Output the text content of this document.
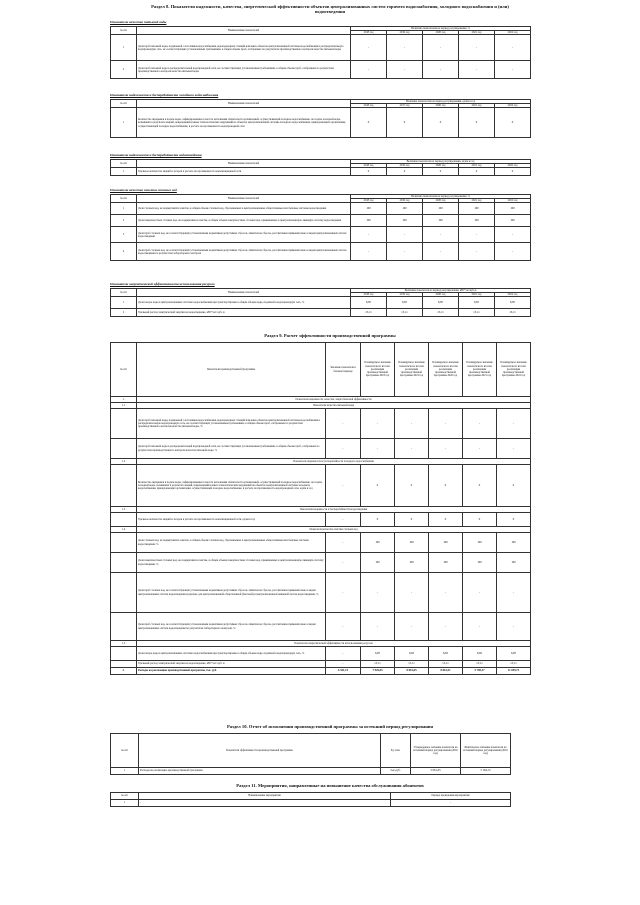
Раздел 8. Показатели надежности, качества, энергетической эффективности объектов централизованных систем горячего водоснабжения, холодного водоснабжения и (или) водоотведения
Показатели качества питьевой воды
№ п/п	Наименование показателей	Величина показателей на период регулирования, %				
		2018 год	2019 год	2020 год	2021 год	2022 год
1	Доля проб питьевой воды, подаваемой с источников водоснабжения, водопроводных станций или иных объектов централизованной системы водоснабжения в распределительную водопроводную сеть, не соответствующих установленным требованиям, в общем объеме проб, отобранных по результатам производственного контроля качества питьевой воды	-	-	-	-	-
2	Доля проб питьевой воды в распределительной водопроводной сети, не соответствующих установленным требованиям, в общем объеме проб, отобранных по результатам производственного контроля качества питьевой воды	-	-	-	-	-
Показатели надежности и бесперебойности холодного водоснабжения
№ п/п	Наименование показателей	Величина показателей на период регулирования, ед/км в год				
		2018 год	2017 год	2020 год	2021 год	2022 год
1	Количество перерывов в подаче воды, зафиксированных в местах исполнения обязательств организацией, осуществляющей холодное водоснабжение, по подаче холодной воды, возникших в результате аварий, повреждений и иных технологических нарушений на объектах централизованной системы холодного водоснабжения, принадлежащих организации, осуществляющей холодное водоснабжение, в расчете на протяженность водопроводной сети	0	0	0	0	0
Показатели надежности и бесперебойности водоотведения
№ п/п	Наименование показателей	Величина показателя на период регулирования, ед/км в год				
		2018 год	2019 год	2020 год	2021 год	2022 год
1	Удельное количество аварий и засоров в расчете на протяженность канализационной сети	0	0	0	0	0
Показатели качества очистки сточных вод
№ п/п	Наименование показателей	Величина показателей на период регулирования, %				
		2018 год	2019 год	2020 год	2021 год	2022 год
1	Доля сточных вод, не подвергшихся очистке, в общем объеме сточных вод, сбрасываемых в централизованные общесплавные или бытовые системы водоотведения	100	100	100	100	100
2	Доля поверхностных сточных вод, не подвергшихся очистке, в общем объеме поверхностных сточных вод, принимаемых в централизованную ливневую систему водоотведения	100	100	100	100	100
3	Доля проб сточных вод, не соответствующих установленным нормативам допустимых сбросов, лимитам на сбросы, рассчитанная применительно к видам централизованных систем водоотведения	-	-	-	-	-
4	Доля проб сточных вод, не соответствующих установленным нормативам допустимых сбросов, лимитам на сбросы, рассчитанная применительно к видам централизованных систем водоотведения по результатам лабораторного контроля	-	-	-	-	-
Показатели энергетической эффективности использования ресурсов
№ п/п	Наименование показателей	Величина показателя на период регулирования, кВт*час/куб.м				
		2018 год	2019 год	2020 год	2021 год	2022 год
1	Доля потерь воды в централизованных системах водоснабжения при транспортировке в общем объеме воды, поданной в водопроводную сеть, %	6,85	6,85	6,85	6,85	6,85
2	Удельный расход электрической энергии на водоотведение, кВт*час/ куб. м	13,11	13,11	13,11	13,11	13,11
Раздел 9. Расчет эффективности производственной программы
№ п/п	Показатели производственной программы	Значение показателя в базовом периоде	Планируемое значение показателя по итогам реализации производственной программы 2018 год	Планируемое значение показателя по итогам реализации производственной программы 2019 год	Планируемое значение показателя по итогам реализации производственной программы 2020 год	Планируемое значение показателя по итогам реализации производственной программы 2021 год	Планируемое значение показателя по итогам реализации производственной программы 2022 год
1.	Показатели надежности, качества, энергетической эффективности						
1.1	Показатели качества питьевой воды						
	Доля проб питьевой воды, подаваемой с источников водоснабжения, водопроводных станций или иных объектов централизованной системы водоснабжения в распределительную водопроводную сеть, не соответствующих установленным требованиям, в общем объеме проб, отобранных по результатам производственного контроля качества питьевой воды, %	-	-	-	-	-	-
	Доля проб питьевой воды в распределительной водопроводной сети, не соответствующих установленным требованиям, в общем объеме проб, отобранных по результатам производственного контроля качества питьевой воды, %	-	-	-	-	-	-
1.2	Показатели надежности и бесперебойности холодного водоснабжения						
	Количество перерывов в подаче воды, зафиксированных в местах исполнения обязательств организацией, осуществляющей холодное водоснабжение, по подаче холодной воды, возникших в результате аварий, повреждений и иных технологических нарушений на объектах централизованной системы холодного водоснабжения, принадлежащих организации, осуществляющей холодное водоснабжение, в расчете на протяженность водопроводной сети, ед/км в год	-	0	0	0	0	0
1.3	Показатели надежности и бесперебойности водоотведения						
	Удельное количество аварий и засоров в расчете на протяженность канализационной сети, ед/км в год	-	0	0	0	0	0
1.4	Показатели качества очистки сточных вод						
	Доля сточных вод, не подвергшихся очистке, в общем объеме сточных вод, сбрасываемых в централизованные общесплавные или бытовые системы водоотведения, %	-	100	100	100	100	100
	Доля поверхностных сточных вод, не подвергшихся очистке, в общем объеме поверхностных сточных вод, принимаемых в централизованную ливневую систему водоотведения, %	-	100	100	100	100	100
	Доля проб сточных вод, не соответствующих установленным нормативам допустимых сбросов, лимитам на сбросы, рассчитанная применительно к видам централизованных систем водоотведения раздельно для централизованной общесплавной (бытовой) и централизованной ливневой систем водоотведения, %	-	-	-	-	-	-
	Доля проб сточных вод, не соответствующих установленным нормативам допустимых сбросов, лимитам на сбросы, рассчитанная применительно к видам централизованных систем водоотведения по результатам лабораторного контроля, %	-	-	-	-	-	-
1.5	Показатели энергетической эффективности использования ресурсов						
	Доля потерь воды в централизованных системах водоснабжения при транспортировке в общем объеме воды, поданной в водопроводную сеть, %	-	6,85	6,85	6,85	6,85	6,85
	Удельный расход электрической энергии на водоотведение, кВт*час/ куб. м	-	13,11	13,11	13,11	13,11	13,11
2.	Расходы на реализацию производственной программы, тыс. руб.	6 341,15	7 926,05	8 061,65	8 061,51	5 798,37	11 059,72
Раздел 10. Отчет об исполнении производственной программы за истекший период регулирования
№ п/п	Показатели эффективности производственной программы	Ед. изм.	Утвержденное значение показателя на истекший период регулирования (2016 год)	Фактическое значение показателя на истекший период регулирования (2016 год)
1	Расходы на реализацию производственной программы	тыс.руб.	5 061,65	5 164,72
Раздел 11. Мероприятия, направленные на повышение качества обслуживания абонентов
№ п/п	Наименование мероприятия	Период проведения мероприятия
1	-	-
